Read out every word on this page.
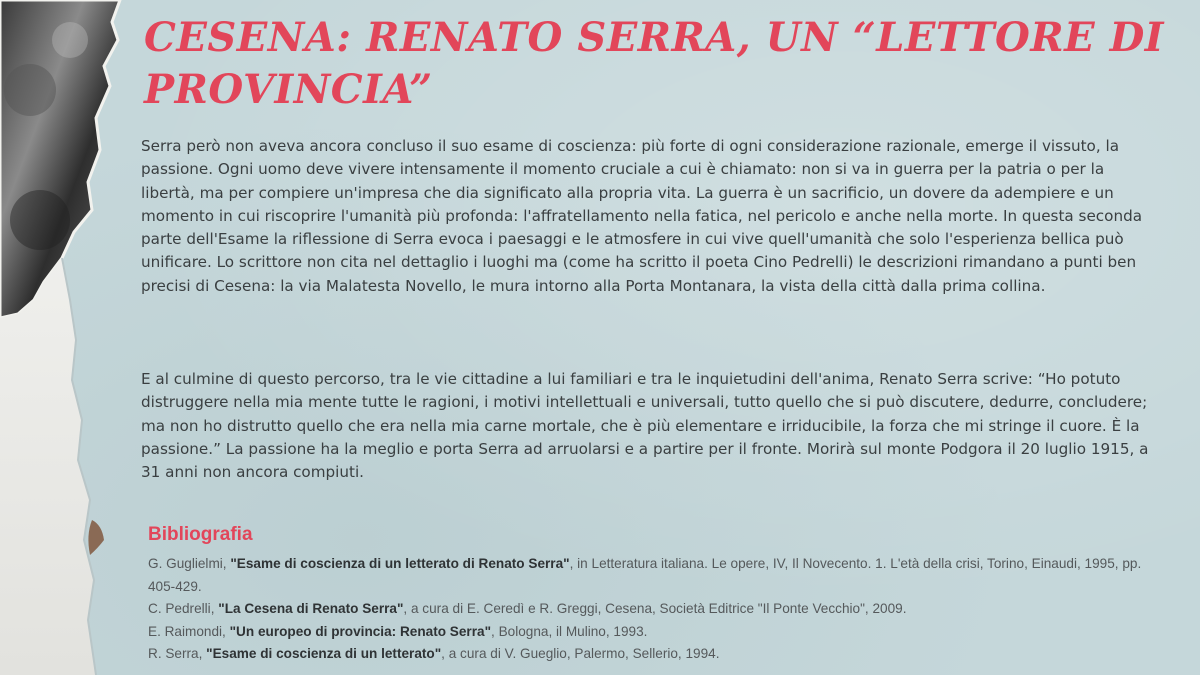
CESENA: RENATO SERRA, UN “LETTORE DI PROVINCIA”

Serra però non aveva ancora concluso il suo esame di coscienza: più forte di ogni considerazione razionale, emerge il vissuto, la passione. Ogni uomo deve vivere intensamente il momento cruciale a cui è chiamato: non si va in guerra per la patria o per la libertà, ma per compiere un'impresa che dia significato alla propria vita. La guerra è un sacrificio, un dovere da adempiere e un momento in cui riscoprire l'umanità più profonda: l'affratellamento nella fatica, nel pericolo e anche nella morte. In questa seconda parte dell'Esame la riflessione di Serra evoca i paesaggi e le atmosfere in cui vive quell'umanità che solo l'esperienza bellica può unificare. Lo scrittore non cita nel dettaglio i luoghi ma (come ha scritto il poeta Cino Pedrelli) le descrizioni rimandano a punti ben precisi di Cesena: la via Malatesta Novello, le mura intorno alla Porta Montanara, la vista della città dalla prima collina.

E al culmine di questo percorso, tra le vie cittadine a lui familiari e tra le inquietudini dell'anima, Renato Serra scrive: “Ho potuto distruggere nella mia mente tutte le ragioni, i motivi intellettuali e universali, tutto quello che si può discutere, dedurre, concludere; ma non ho distrutto quello che era nella mia carne mortale, che è più elementare e irriducibile, la forza che mi stringe il cuore. È la passione.” La passione ha la meglio e porta Serra ad arruolarsi e a partire per il fronte. Morirà sul monte Podgora il 20 luglio 1915, a 31 anni non ancora compiuti.

Bibliografia
G. Guglielmi, "Esame di coscienza di un letterato di Renato Serra", in Letteratura italiana. Le opere, IV, Il Novecento. 1. L'età della crisi, Torino, Einaudi, 1995, pp. 405-429.
C. Pedrelli, "La Cesena di Renato Serra", a cura di E. Ceredì e R. Greggi, Cesena, Società Editrice "Il Ponte Vecchio", 2009.
E. Raimondi, "Un europeo di provincia: Renato Serra", Bologna, il Mulino, 1993.
R. Serra, "Esame di coscienza di un letterato", a cura di V. Gueglio, Palermo, Sellerio, 1994.
